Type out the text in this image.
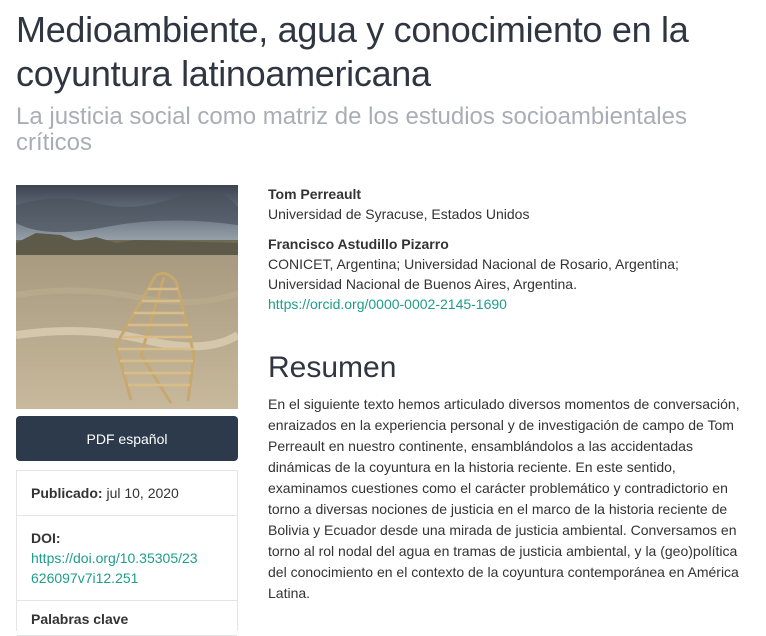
Medioambiente, agua y conocimiento en la coyuntura latinoamericana
La justicia social como matriz de los estudios socioambientales críticos
PDF español
Publicado: jul 10, 2020
DOI:
https://doi.org/10.35305/23
626097v7i12.251
Palabras clave
Tom Perreault
Universidad de Syracuse, Estados Unidos
Francisco Astudillo Pizarro
CONICET, Argentina; Universidad Nacional de Rosario, Argentina;
Universidad Nacional de Buenos Aires, Argentina.
https://orcid.org/0000-0002-2145-1690
Resumen

En el siguiente texto hemos articulado diversos momentos de conversación, enraizados en la experiencia personal y de investigación de campo de Tom Perreault en nuestro continente, ensamblándolos a las accidentadas dinámicas de la coyuntura en la historia reciente. En este sentido, examinamos cuestiones como el carácter problemático y contradictorio en torno a diversas nociones de justicia en el marco de la historia reciente de Bolivia y Ecuador desde una mirada de justicia ambiental. Conversamos en torno al rol nodal del agua en tramas de justicia ambiental, y la (geo)política del conocimiento en el contexto de la coyuntura contemporánea en América Latina.
